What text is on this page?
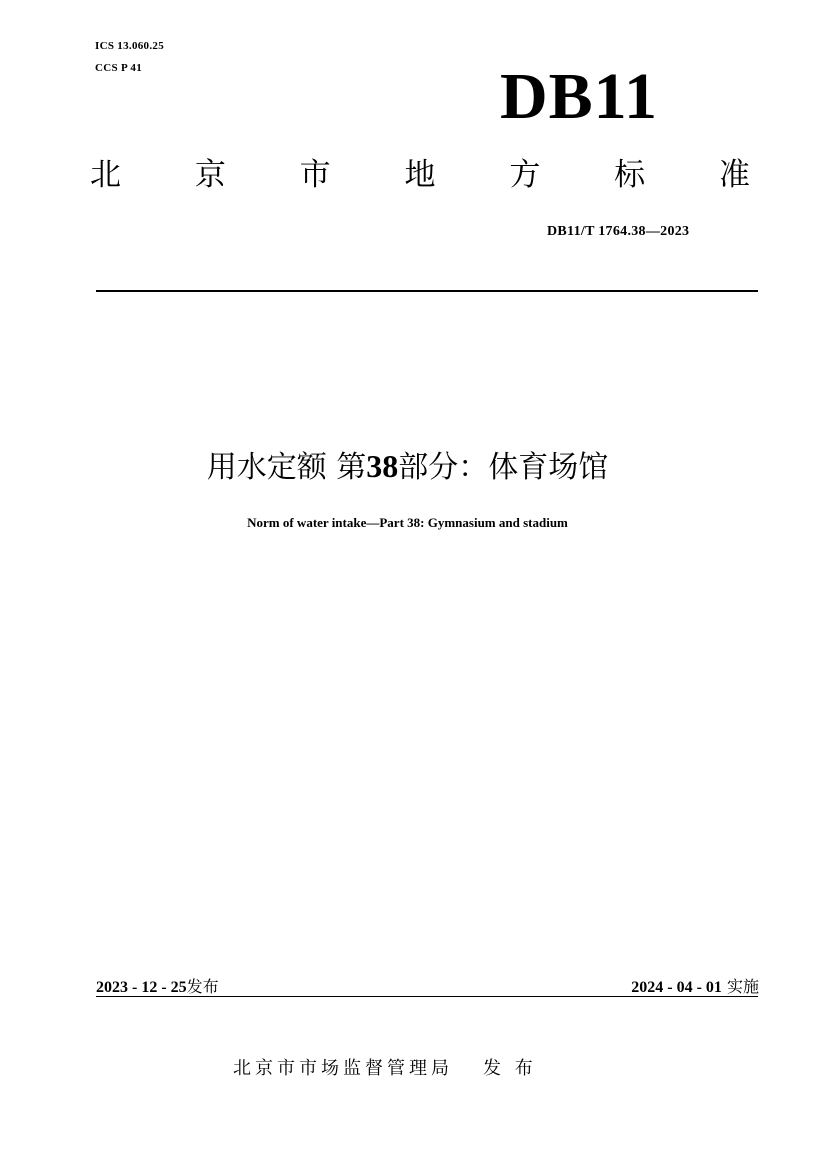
ICS 13.060.25
CCS P 41	DB11
北 京 市 地 方 标 准
DB11/T 1764.38—2023
用水定额 第38部分：体育场馆
Norm of water intake—Part 38: Gymnasium and stadium
2023 - 12 - 25发布	2024 - 04 - 01 实施
北京市市场监督管理局 发 布
